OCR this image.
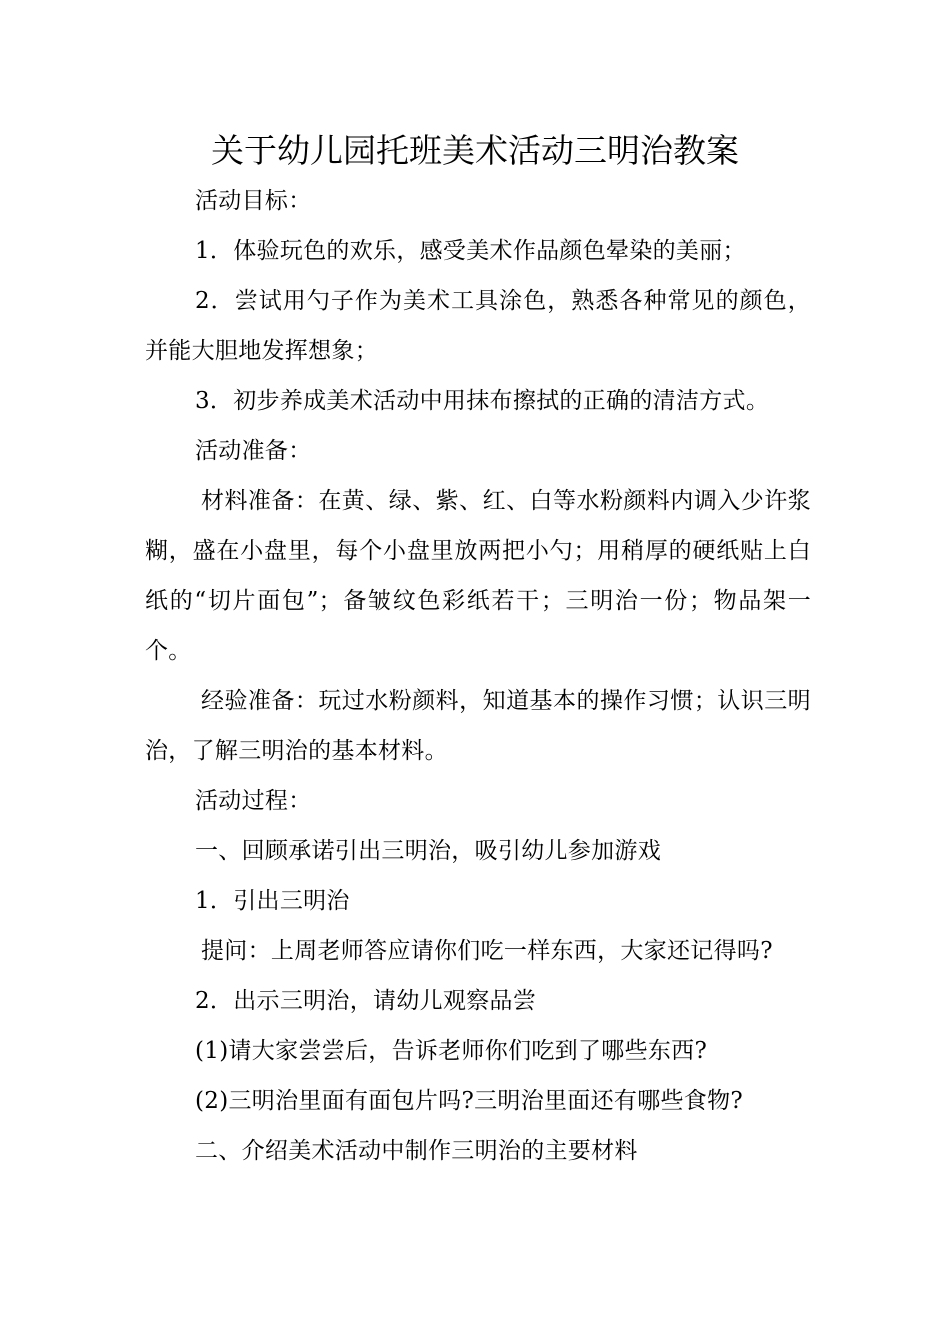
关于幼儿园托班美术活动三明治教案

活动目标：

1．体验玩色的欢乐，感受美术作品颜色晕染的美丽；

2．尝试用勺子作为美术工具涂色，熟悉各种常见的颜色，并能大胆地发挥想象；

3．初步养成美术活动中用抹布擦拭的正确的清洁方式。

活动准备：

材料准备：在黄、绿、紫、红、白等水粉颜料内调入少许浆糊，盛在小盘里，每个小盘里放两把小勺；用稍厚的硬纸贴上白纸的“切片面包”；备皱纹色彩纸若干；三明治一份；物品架一个。

经验准备：玩过水粉颜料，知道基本的操作习惯；认识三明治，了解三明治的基本材料。

活动过程：

一、回顾承诺引出三明治，吸引幼儿参加游戏

1．引出三明治

提问：上周老师答应请你们吃一样东西，大家还记得吗?

2．出示三明治，请幼儿观察品尝

(1)请大家尝尝后，告诉老师你们吃到了哪些东西?

(2)三明治里面有面包片吗?三明治里面还有哪些食物?

二、介绍美术活动中制作三明治的主要材料
